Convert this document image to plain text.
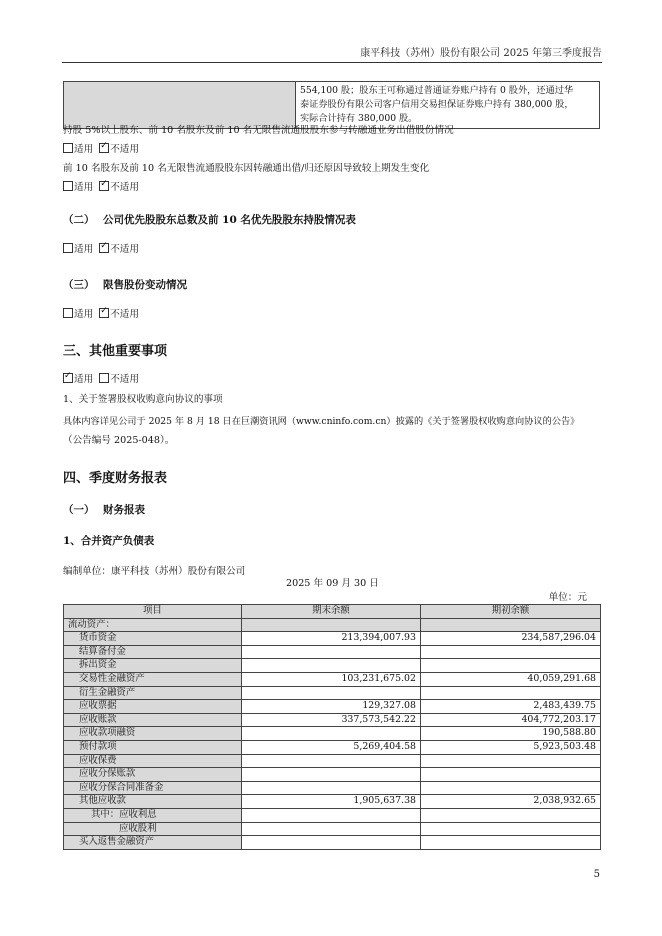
康平科技（苏州）股份有限公司 2025 年第三季度报告

554,100 股；股东王可称通过普通证券账户持有 0 股外，还通过华
泰证券股份有限公司客户信用交易担保证券账户持有 380,000 股，
实际合计持有 380,000 股。
持股 5%以上股东、前 10 名股东及前 10 名无限售流通股股东参与转融通业务出借股份情况
适用 ✓ 不适用
前 10 名股东及前 10 名无限售流通股股东因转融通出借/归还原因导致较上期发生变化
适用 ✓ 不适用
（二） 公司优先股股东总数及前 10 名优先股股东持股情况表
适用 ✓ 不适用
（三） 限售股份变动情况
适用 ✓ 不适用
三、其他重要事项
✓适用 不适用
1、关于签署股权收购意向协议的事项
具体内容详见公司于 2025 年 8 月 18 日在巨潮资讯网（www.cninfo.com.cn）披露的《关于签署股权收购意向协议的公告》
（公告编号 2025-048）。
四、季度财务报表
（一） 财务报表
1、合并资产负债表
编制单位：康平科技（苏州）股份有限公司
2025 年 09 月 30 日
单位：元
项目	期末余额	期初余额
流动资产：		
货币资金	213,394,007.93	234,587,296.04
结算备付金		
拆出资金		
交易性金融资产	103,231,675.02	40,059,291.68
衍生金融资产		
应收票据	129,327.08	2,483,439.75
应收账款	337,573,542.22	404,772,203.17
应收款项融资		190,588.80
预付款项	5,269,404.58	5,923,503.48
应收保费		
应收分保账款		
应收分保合同准备金		
其他应收款	1,905,637.38	2,038,932.65
其中：应收利息		
应收股利		
买入返售金融资产		
5
